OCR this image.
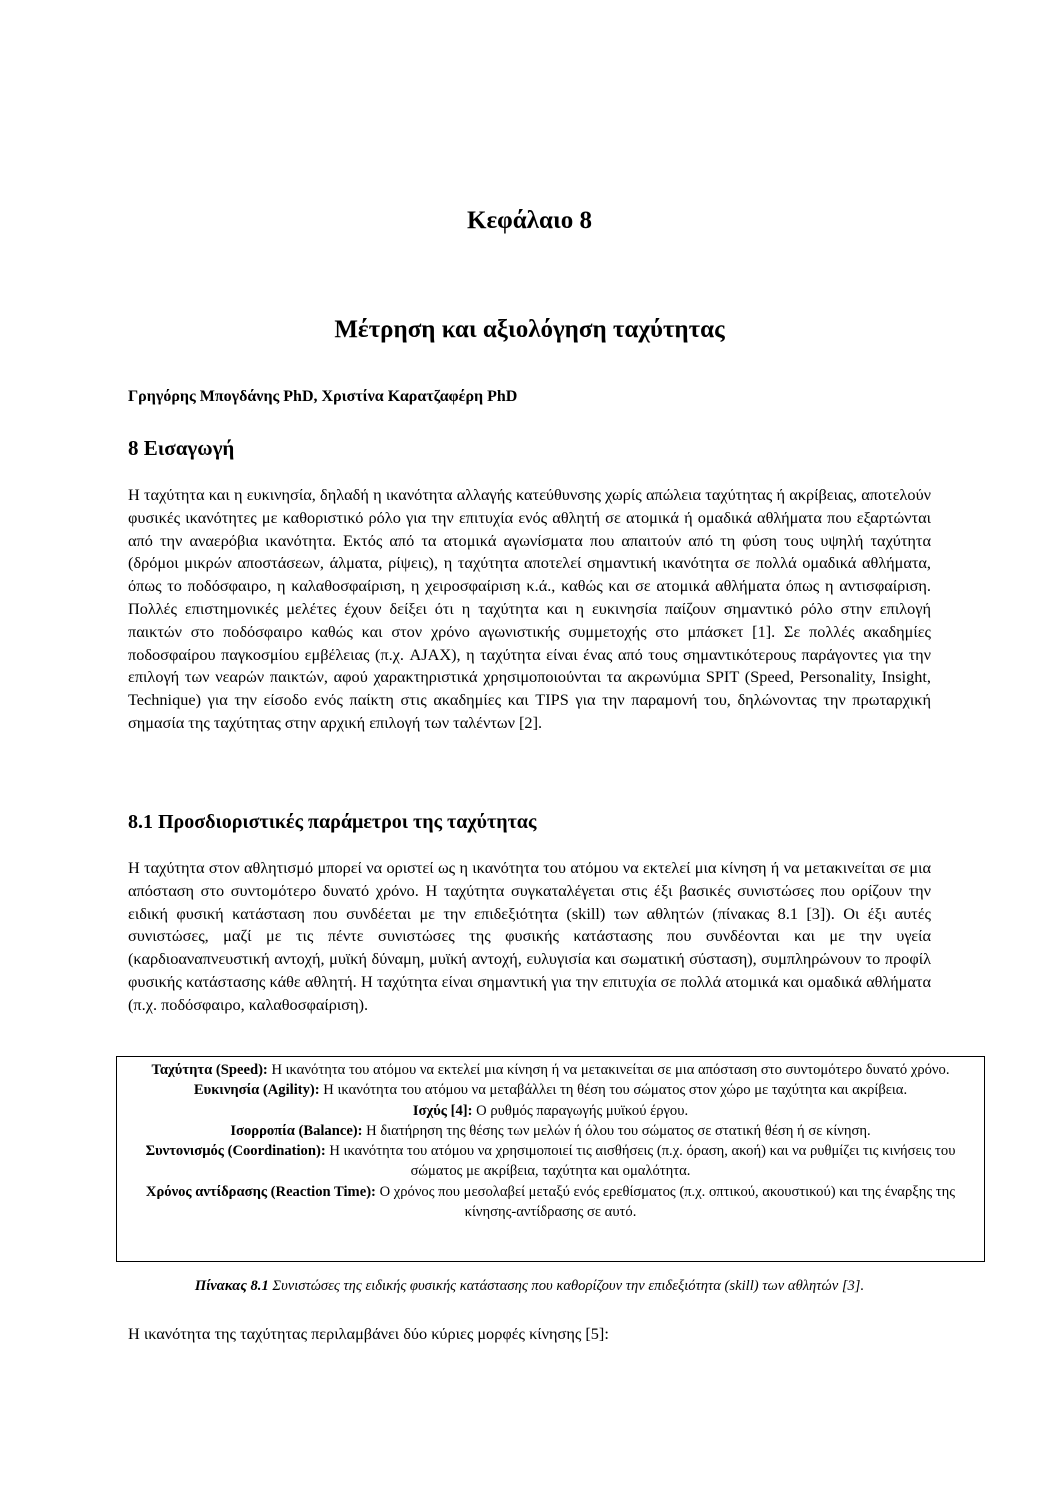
Κεφάλαιο 8
Μέτρηση και αξιολόγηση ταχύτητας
Γρηγόρης Μπογδάνης PhD, Χριστίνα Καρατζαφέρη PhD
8 Εισαγωγή
Η ταχύτητα και η ευκινησία, δηλαδή η ικανότητα αλλαγής κατεύθυνσης χωρίς απώλεια ταχύτητας ή ακρίβειας, αποτελούν φυσικές ικανότητες με καθοριστικό ρόλο για την επιτυχία ενός αθλητή σε ατομικά ή ομαδικά αθλήματα που εξαρτώνται από την αναερόβια ικανότητα. Εκτός από τα ατομικά αγωνίσματα που απαιτούν από τη φύση τους υψηλή ταχύτητα (δρόμοι μικρών αποστάσεων, άλματα, ρίψεις), η ταχύτητα αποτελεί σημαντική ικανότητα σε πολλά ομαδικά αθλήματα, όπως το ποδόσφαιρο, η καλαθοσφαίριση, η χειροσφαίριση κ.ά., καθώς και σε ατομικά αθλήματα όπως η αντισφαίριση. Πολλές επιστημονικές μελέτες έχουν δείξει ότι η ταχύτητα και η ευκινησία παίζουν σημαντικό ρόλο στην επιλογή παικτών στο ποδόσφαιρο καθώς και στον χρόνο αγωνιστικής συμμετοχής στο μπάσκετ [1]. Σε πολλές ακαδημίες ποδοσφαίρου παγκοσμίου εμβέλειας (π.χ. AJAX), η ταχύτητα είναι ένας από τους σημαντικότερους παράγοντες για την επιλογή των νεαρών παικτών, αφού χαρακτηριστικά χρησιμοποιούνται τα ακρωνύμια SPIT (Speed, Personality, Insight, Technique) για την είσοδο ενός παίκτη στις ακαδημίες και TIPS για την παραμονή του, δηλώνοντας την πρωταρχική σημασία της ταχύτητας στην αρχική επιλογή των ταλέντων [2].
8.1 Προσδιοριστικές παράμετροι της ταχύτητας
Η ταχύτητα στον αθλητισμό μπορεί να οριστεί ως η ικανότητα του ατόμου να εκτελεί μια κίνηση ή να μετακινείται σε μια απόσταση στο συντομότερο δυνατό χρόνο. Η ταχύτητα συγκαταλέγεται στις έξι βασικές συνιστώσες που ορίζουν την ειδική φυσική κατάσταση που συνδέεται με την επιδεξιότητα (skill) των αθλητών (πίνακας 8.1 [3]). Οι έξι αυτές συνιστώσες, μαζί με τις πέντε συνιστώσες της φυσικής κατάστασης που συνδέονται και με την υγεία (καρδιοαναπνευστική αντοχή, μυϊκή δύναμη, μυϊκή αντοχή, ευλυγισία και σωματική σύσταση), συμπληρώνουν το προφίλ φυσικής κατάστασης κάθε αθλητή. Η ταχύτητα είναι σημαντική για την επιτυχία σε πολλά ατομικά και ομαδικά αθλήματα (π.χ. ποδόσφαιρο, καλαθοσφαίριση).

Ταχύτητα (Speed): Η ικανότητα του ατόμου να εκτελεί μια κίνηση ή να μετακινείται σε μια απόσταση στο συντομότερο δυνατό χρόνο.

Ευκινησία (Agility): Η ικανότητα του ατόμου να μεταβάλλει τη θέση του σώματος στον χώρο με ταχύτητα και ακρίβεια.

Ισχύς [4]: Ο ρυθμός παραγωγής μυϊκού έργου.

Ισορροπία (Balance): Η διατήρηση της θέσης των μελών ή όλου του σώματος σε στατική θέση ή σε κίνηση.

Συντονισμός (Coordination): Η ικανότητα του ατόμου να χρησιμοποιεί τις αισθήσεις (π.χ. όραση, ακοή) και να ρυθμίζει τις κινήσεις του σώματος με ακρίβεια, ταχύτητα και ομαλότητα.

Χρόνος αντίδρασης (Reaction Time): Ο χρόνος που μεσολαβεί μεταξύ ενός ερεθίσματος (π.χ. οπτικού, ακουστικού) και της έναρξης της κίνησης-αντίδρασης σε αυτό.

Πίνακας 8.1 Συνιστώσες της ειδικής φυσικής κατάστασης που καθορίζουν την επιδεξιότητα (skill) των αθλητών [3].
Η ικανότητα της ταχύτητας περιλαμβάνει δύο κύριες μορφές κίνησης [5]:
